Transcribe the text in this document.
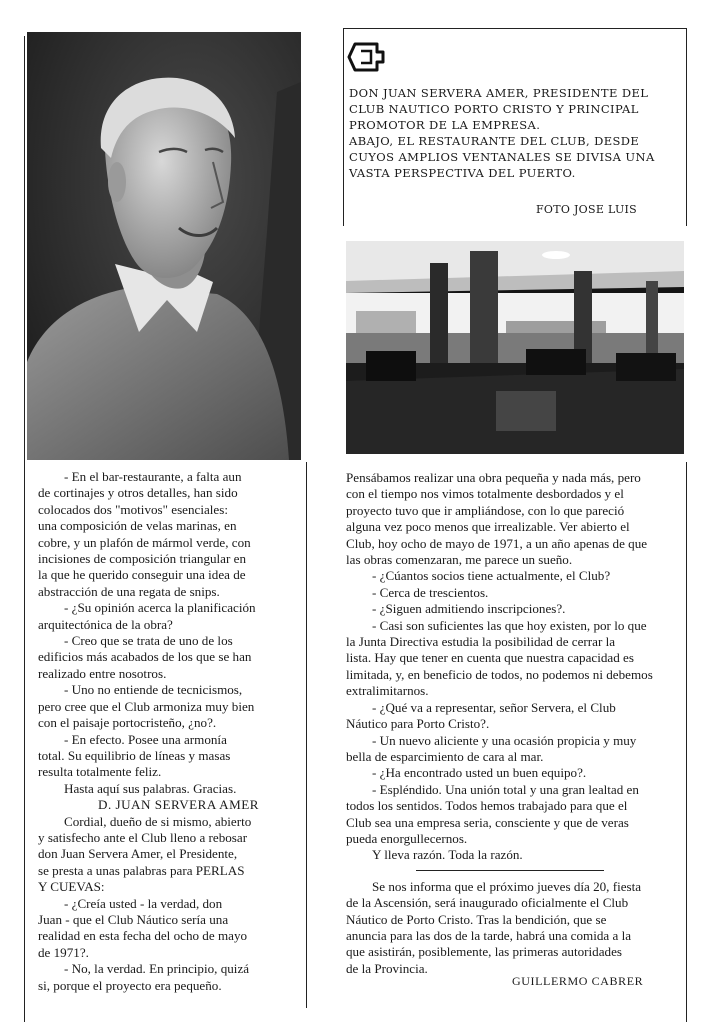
DON JUAN SERVERA AMER, PRESIDENTE DEL

CLUB NAUTICO PORTO CRISTO Y PRINCIPAL

PROMOTOR DE LA EMPRESA.

ABAJO, EL RESTAURANTE DEL CLUB, DESDE

CUYOS AMPLIOS VENTANALES SE DIVISA UNA

VASTA PERSPECTIVA DEL PUERTO.

FOTO JOSE LUIS

- En el bar-restaurante, a falta aun

de cortinajes y otros detalles, han sido

colocados dos "motivos" esenciales:

una composición de velas marinas, en

cobre, y un plafón de mármol verde, con

incisiones de composición triangular en

la que he querido conseguir una idea de

abstracción de una regata de snips.

- ¿Su opinión acerca la planificación

arquitectónica de la obra?

- Creo que se trata de uno de los

edificios más acabados de los que se han

realizado entre nosotros.

- Uno no entiende de tecnicismos,

pero cree que el Club armoniza muy bien

con el paisaje portocristeño, ¿no?.

- En efecto. Posee una armonía

total. Su equilibrio de líneas y masas

resulta totalmente feliz.

Hasta aquí sus palabras. Gracias.

D. JUAN SERVERA AMER

Cordial, dueño de si mismo, abierto

y satisfecho ante el Club lleno a rebosar

don Juan Servera Amer, el Presidente,

se presta a unas palabras para PERLAS

Y CUEVAS:

- ¿Creía usted - la verdad, don

Juan - que el Club Náutico sería una

realidad en esta fecha del ocho de mayo

de 1971?.

- No, la verdad. En principio, quizá

si, porque el proyecto era pequeño.

Pensábamos realizar una obra pequeña y nada más, pero

con el tiempo nos vimos totalmente desbordados y el

proyecto tuvo que ir ampliándose, con lo que pareció

alguna vez poco menos que irrealizable. Ver abierto el

Club, hoy ocho de mayo de 1971, a un año apenas de que

las obras comenzaran, me parece un sueño.

- ¿Cúantos socios tiene actualmente, el Club?

- Cerca de trescientos.

- ¿Siguen admitiendo inscripciones?.

- Casi son suficientes las que hoy existen, por lo que

la Junta Directiva estudia la posibilidad de cerrar la

lista. Hay que tener en cuenta que nuestra capacidad es

limitada, y, en beneficio de todos, no podemos ni debemos

extralimitarnos.

- ¿Qué va a representar, señor Servera, el Club

Náutico para Porto Cristo?.

- Un nuevo aliciente y una ocasión propicia y muy

bella de esparcimiento de cara al mar.

- ¿Ha encontrado usted un buen equipo?.

- Espléndido. Una unión total y una gran lealtad en

todos los sentidos. Todos hemos trabajado para que el

Club sea una empresa seria, consciente y que de veras

pueda enorgullecernos.

Y lleva razón. Toda la razón.

Se nos informa que el próximo jueves día 20, fiesta

de la Ascensión, será inaugurado oficialmente el Club

Náutico de Porto Cristo. Tras la bendición, que se

anuncia para las dos de la tarde, habrá una comida a la

que asistirán, posiblemente, las primeras autoridades

de la Provincia.

GUILLERMO CABRER
